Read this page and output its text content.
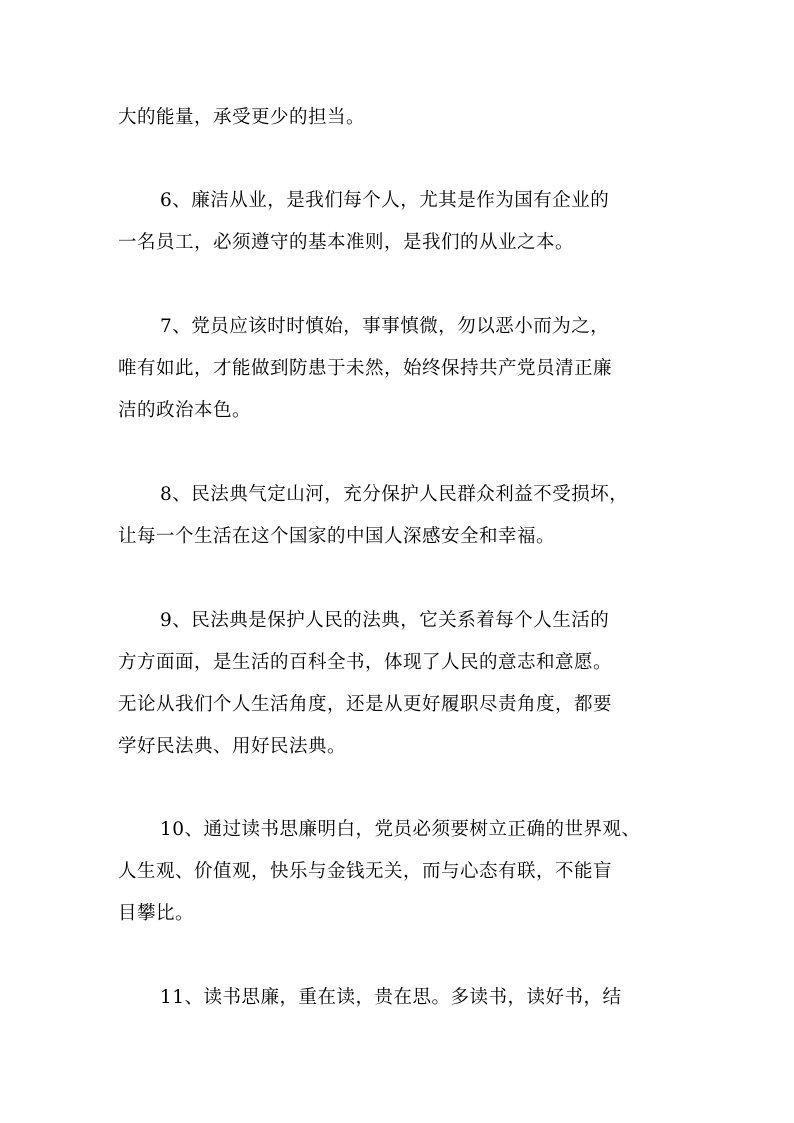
大的能量，承受更少的担当。
6、廉洁从业，是我们每个人，尤其是作为国有企业的
一名员工，必须遵守的基本准则，是我们的从业之本。
7、党员应该时时慎始，事事慎微，勿以恶小而为之，
唯有如此，才能做到防患于未然，始终保持共产党员清正廉
洁的政治本色。
8、民法典气定山河，充分保护人民群众利益不受损坏，
让每一个生活在这个国家的中国人深感安全和幸福。
9、民法典是保护人民的法典，它关系着每个人生活的
方方面面，是生活的百科全书，体现了人民的意志和意愿。
无论从我们个人生活角度，还是从更好履职尽责角度，都要
学好民法典、用好民法典。
10、通过读书思廉明白，党员必须要树立正确的世界观、
人生观、价值观，快乐与金钱无关，而与心态有联，不能盲
目攀比。
11、读书思廉，重在读，贵在思。多读书，读好书，结
